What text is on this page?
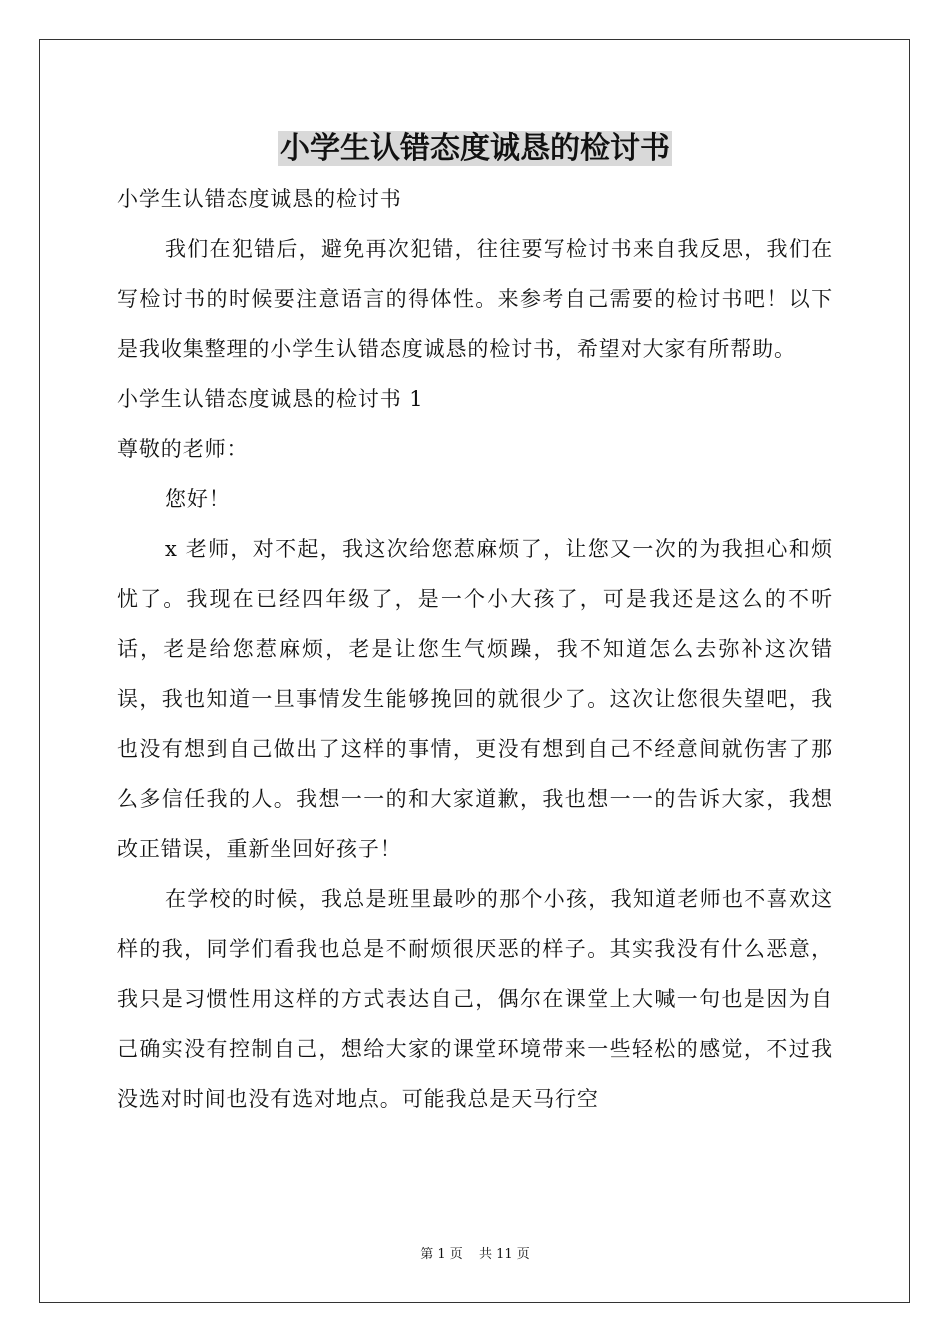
小学生认错态度诚恳的检讨书

小学生认错态度诚恳的检讨书

我们在犯错后，避免再次犯错，往往要写检讨书来自我反思，我们在写检讨书的时候要注意语言的得体性。来参考自己需要的检讨书吧！以下是我收集整理的小学生认错态度诚恳的检讨书，希望对大家有所帮助。

小学生认错态度诚恳的检讨书 1

尊敬的老师：

您好！

x 老师，对不起，我这次给您惹麻烦了，让您又一次的为我担心和烦忧了。我现在已经四年级了，是一个小大孩了，可是我还是这么的不听话，老是给您惹麻烦，老是让您生气烦躁，我不知道怎么去弥补这次错误，我也知道一旦事情发生能够挽回的就很少了。这次让您很失望吧，我也没有想到自己做出了这样的事情，更没有想到自己不经意间就伤害了那么多信任我的人。我想一一的和大家道歉，我也想一一的告诉大家，我想改正错误，重新坐回好孩子！

在学校的时候，我总是班里最吵的那个小孩，我知道老师也不喜欢这样的我，同学们看我也总是不耐烦很厌恶的样子。其实我没有什么恶意，我只是习惯性用这样的方式表达自己，偶尔在课堂上大喊一句也是因为自己确实没有控制自己，想给大家的课堂环境带来一些轻松的感觉，不过我没选对时间也没有选对地点。可能我总是天马行空

第 1 页 共 11 页
